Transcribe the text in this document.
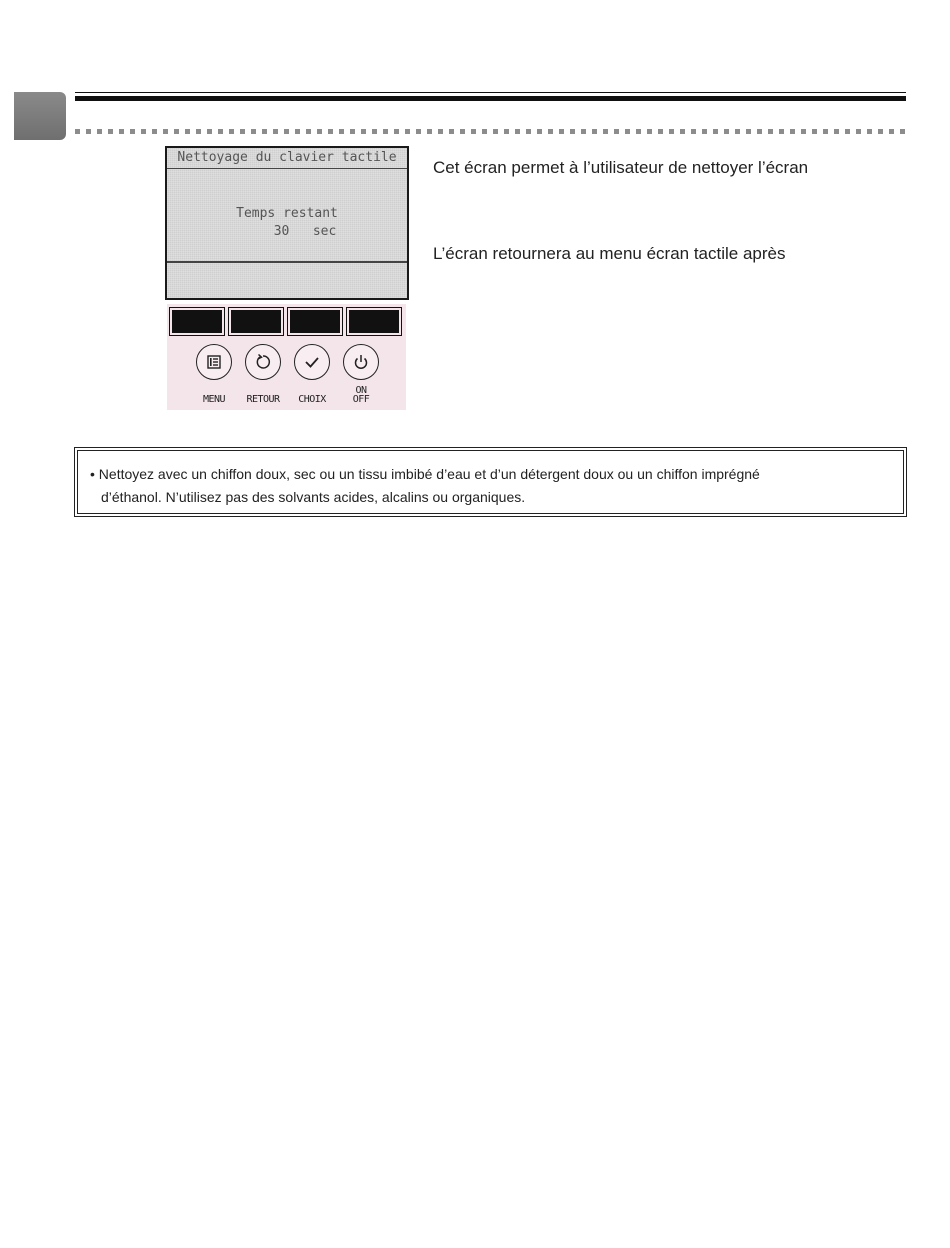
Nettoyage du clavier tactile
Temps restant
30 sec
MENU	RETOUR	CHOIX
ON
OFF
Cet écran permet à l’utilisateur de nettoyer l’écran
L’écran retournera au menu écran tactile après
• Nettoyez avec un chiffon doux, sec ou un tissu imbibé d’eau et d’un détergent doux ou un chiffon imprégné
d’éthanol. N’utilisez pas des solvants acides, alcalins ou organiques.
